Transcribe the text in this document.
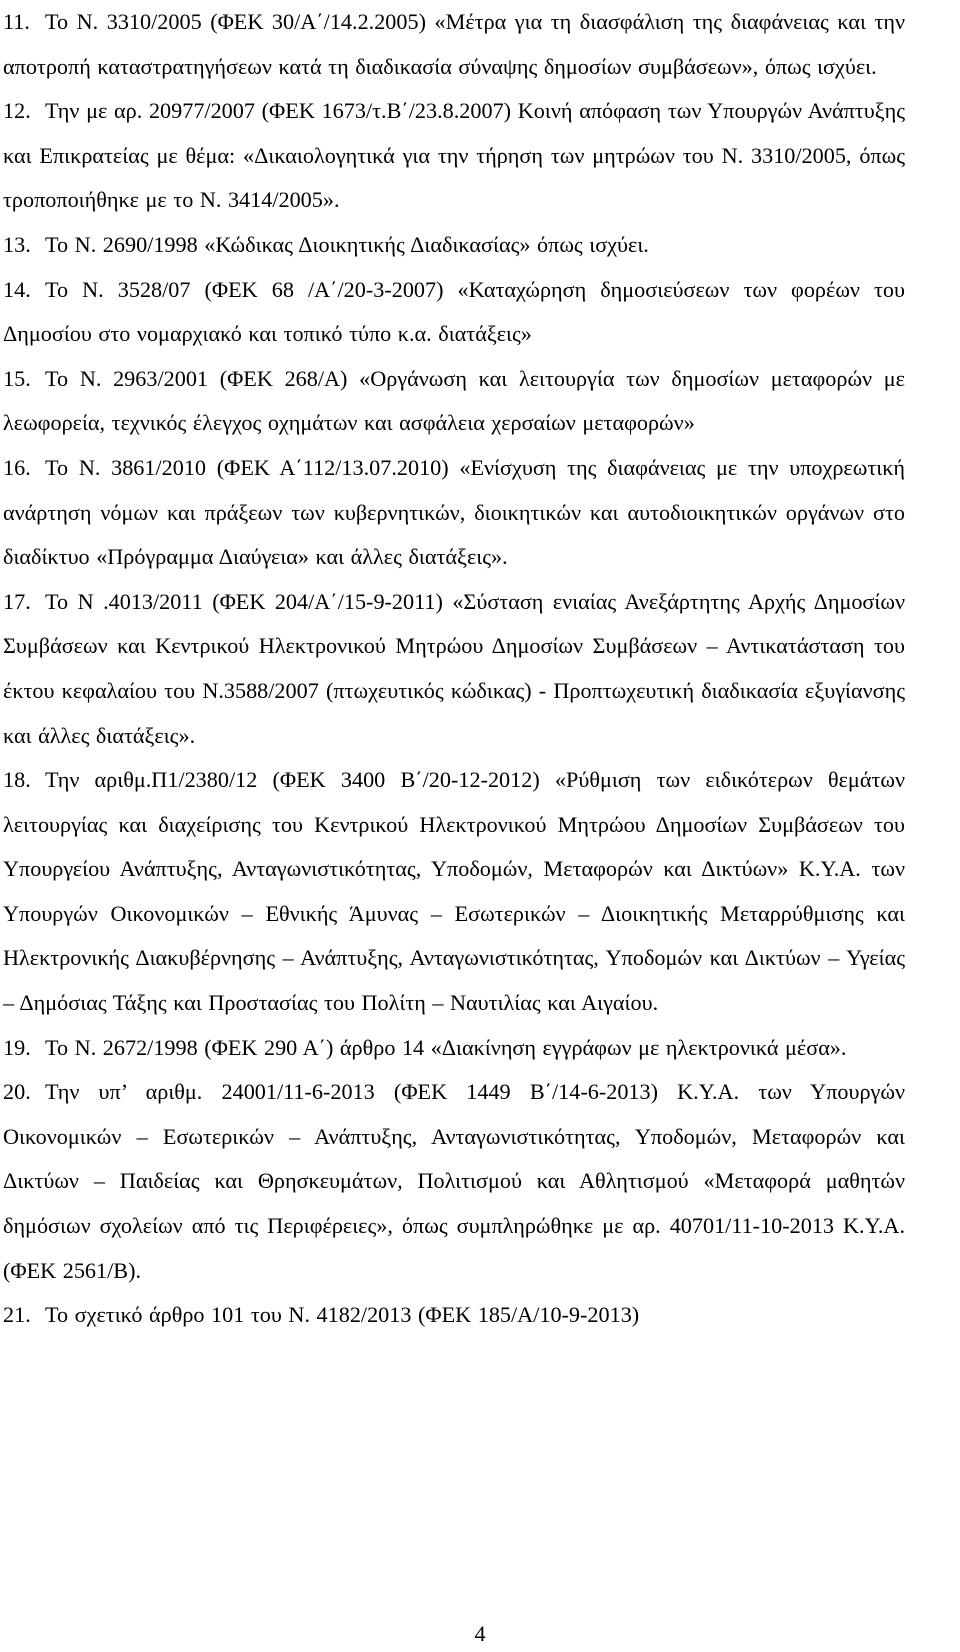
11. Το Ν. 3310/2005 (ΦΕΚ 30/Α΄/14.2.2005) «Μέτρα για τη διασφάλιση της διαφάνειας και την αποτροπή καταστρατηγήσεων κατά τη διαδικασία σύναψης δημοσίων συμβάσεων», όπως ισχύει.

12. Την με αρ. 20977/2007 (ΦΕΚ 1673/τ.Β΄/23.8.2007) Κοινή απόφαση των Υπουργών Ανάπτυξης και Επικρατείας με θέμα: «Δικαιολογητικά για την τήρηση των μητρώων του Ν. 3310/2005, όπως τροποποιήθηκε με το Ν. 3414/2005».

13. Το Ν. 2690/1998 «Κώδικας Διοικητικής Διαδικασίας» όπως ισχύει.

14. Το Ν. 3528/07 (ΦΕΚ 68 /Α΄/20-3-2007) «Καταχώρηση δημοσιεύσεων των φορέων του Δημοσίου στο νομαρχιακό και τοπικό τύπο κ.α. διατάξεις»

15. Το Ν. 2963/2001 (ΦΕΚ 268/Α) «Οργάνωση και λειτουργία των δημοσίων μεταφορών με λεωφορεία, τεχνικός έλεγχος οχημάτων και ασφάλεια χερσαίων μεταφορών»

16. Το Ν. 3861/2010 (ΦΕΚ Α΄112/13.07.2010) «Ενίσχυση της διαφάνειας με την υποχρεωτική ανάρτηση νόμων και πράξεων των κυβερνητικών, διοικητικών και αυτοδιοικητικών οργάνων στο διαδίκτυο «Πρόγραμμα Διαύγεια» και άλλες διατάξεις».

17. Το Ν .4013/2011 (ΦΕΚ 204/Α΄/15-9-2011) «Σύσταση ενιαίας Ανεξάρτητης Αρχής Δημοσίων Συμβάσεων και Κεντρικού Ηλεκτρονικού Μητρώου Δημοσίων Συμβάσεων – Αντικατάσταση του έκτου κεφαλαίου του Ν.3588/2007 (πτωχευτικός κώδικας) - Προπτωχευτική διαδικασία εξυγίανσης και άλλες διατάξεις».

18. Την αριθμ.Π1/2380/12 (ΦΕΚ 3400 Β΄/20-12-2012) «Ρύθμιση των ειδικότερων θεμάτων λειτουργίας και διαχείρισης του Κεντρικού Ηλεκτρονικού Μητρώου Δημοσίων Συμβάσεων του Υπουργείου Ανάπτυξης, Ανταγωνιστικότητας, Υποδομών, Μεταφορών και Δικτύων» Κ.Υ.Α. των Υπουργών Οικονομικών – Εθνικής Άμυνας – Εσωτερικών – Διοικητικής Μεταρρύθμισης και Ηλεκτρονικής Διακυβέρνησης – Ανάπτυξης, Ανταγωνιστικότητας, Υποδομών και Δικτύων – Υγείας – Δημόσιας Τάξης και Προστασίας του Πολίτη – Ναυτιλίας και Αιγαίου.

19. Το Ν. 2672/1998 (ΦΕΚ 290 Α΄) άρθρο 14 «Διακίνηση εγγράφων με ηλεκτρονικά μέσα».

20. Την υπ’ αριθμ. 24001/11-6-2013 (ΦΕΚ 1449 Β΄/14-6-2013) Κ.Υ.Α. των Υπουργών Οικονομικών – Εσωτερικών – Ανάπτυξης, Ανταγωνιστικότητας, Υποδομών, Μεταφορών και Δικτύων – Παιδείας και Θρησκευμάτων, Πολιτισμού και Αθλητισμού «Μεταφορά μαθητών δημόσιων σχολείων από τις Περιφέρειες», όπως συμπληρώθηκε με αρ. 40701/11-10-2013 Κ.Υ.Α. (ΦΕΚ 2561/Β).

21. Το σχετικό άρθρο 101 του Ν. 4182/2013 (ΦΕΚ 185/Α/10-9-2013)

4
